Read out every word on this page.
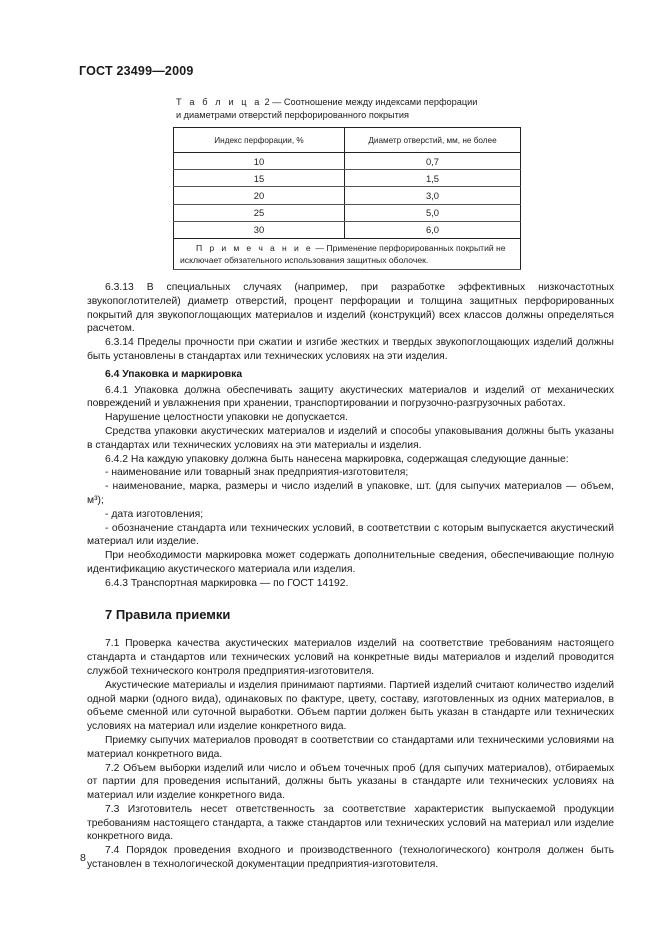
ГОСТ 23499—2009
Т а б л и ц а 2 — Соотношение между индексами перфорации
и диаметрами отверстий перфорированного покрытия
Индекс перфорации, %	Диаметр отверстий, мм, не более
10	0,7
15	1,5
20	3,0
25	5,0
30	6,0

П р и м е ч а н и е — Применение перфорированных покрытий не
исключает обязательного использования защитных оболочек.	

6.3.13 В специальных случаях (например, при разработке эффективных низкочастотных звукопоглотителей) диаметр отверстий, процент перфорации и толщина защитных перфорированных покрытий для звукопоглощающих материалов и изделий (конструкций) всех классов должны определяться расчетом.

6.3.14 Пределы прочности при сжатии и изгибе жестких и твердых звукопоглощающих изделий должны быть установлены в стандартах или технических условиях на эти изделия.

6.4 Упаковка и маркировка

6.4.1 Упаковка должна обеспечивать защиту акустических материалов и изделий от механических повреждений и увлажнения при хранении, транспортировании и погрузочно-разгрузочных работах.

Нарушение целостности упаковки не допускается.

Средства упаковки акустических материалов и изделий и способы упаковывания должны быть указаны в стандартах или технических условиях на эти материалы и изделия.

6.4.2 На каждую упаковку должна быть нанесена маркировка, содержащая следующие данные:

- наименование или товарный знак предприятия-изготовителя;

- наименование, марка, размеры и число изделий в упаковке, шт. (для сыпучих материалов — объем, м³);

- дата изготовления;

- обозначение стандарта или технических условий, в соответствии с которым выпускается акустический материал или изделие.

При необходимости маркировка может содержать дополнительные сведения, обеспечивающие полную идентификацию акустического материала или изделия.

6.4.3 Транспортная маркировка — по ГОСТ 14192.

7 Правила приемки

7.1 Проверка качества акустических материалов изделий на соответствие требованиям настоящего стандарта и стандартов или технических условий на конкретные виды материалов и изделий проводится службой технического контроля предприятия-изготовителя.

Акустические материалы и изделия принимают партиями. Партией изделий считают количество изделий одной марки (одного вида), одинаковых по фактуре, цвету, составу, изготовленных из одних материалов, в объеме сменной или суточной выработки. Объем партии должен быть указан в стандарте или технических условиях на материал или изделие конкретного вида.

Приемку сыпучих материалов проводят в соответствии со стандартами или техническими условиями на материал конкретного вида.

7.2 Объем выборки изделий или число и объем точечных проб (для сыпучих материалов), отбираемых от партии для проведения испытаний, должны быть указаны в стандарте или технических условиях на материал или изделие конкретного вида.

7.3 Изготовитель несет ответственность за соответствие характеристик выпускаемой продукции требованиям настоящего стандарта, а также стандартов или технических условий на материал или изделие конкретного вида.

7.4 Порядок проведения входного и производственного (технологического) контроля должен быть установлен в технологической документации предприятия-изготовителя.

8
